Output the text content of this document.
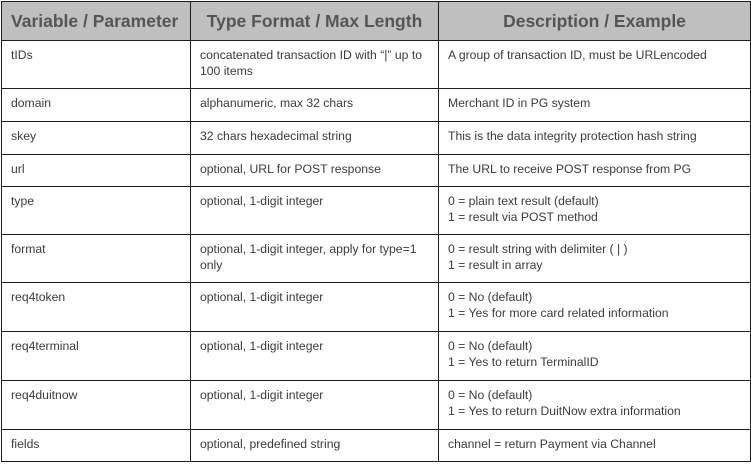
Variable / Parameter	Type Format / Max Length	Description / Example
tIDs	concatenated transaction ID with “|” up to 100 items	A group of transaction ID, must be URLencoded

domain	alphanumeric, max 32 chars	Merchant ID in PG system

skey	32 chars hexadecimal string	This is the data integrity protection hash string

url	optional, URL for POST response	The URL to receive POST response from PG

type	optional, 1-digit integer	0 = plain text result (default)
1 = result via POST method

format	optional, 1-digit integer, apply for type=1 only	0 = result string with delimiter ( | )
1 = result in array

req4token	optional, 1-digit integer	0 = No (default)
1 = Yes for more card related information

req4terminal	optional, 1-digit integer	0 = No (default)
1 = Yes to return TerminalID

req4duitnow	optional, 1-digit integer	0 = No (default)
1 = Yes to return DuitNow extra information

fields	optional, predefined string	channel = return Payment via Channel
